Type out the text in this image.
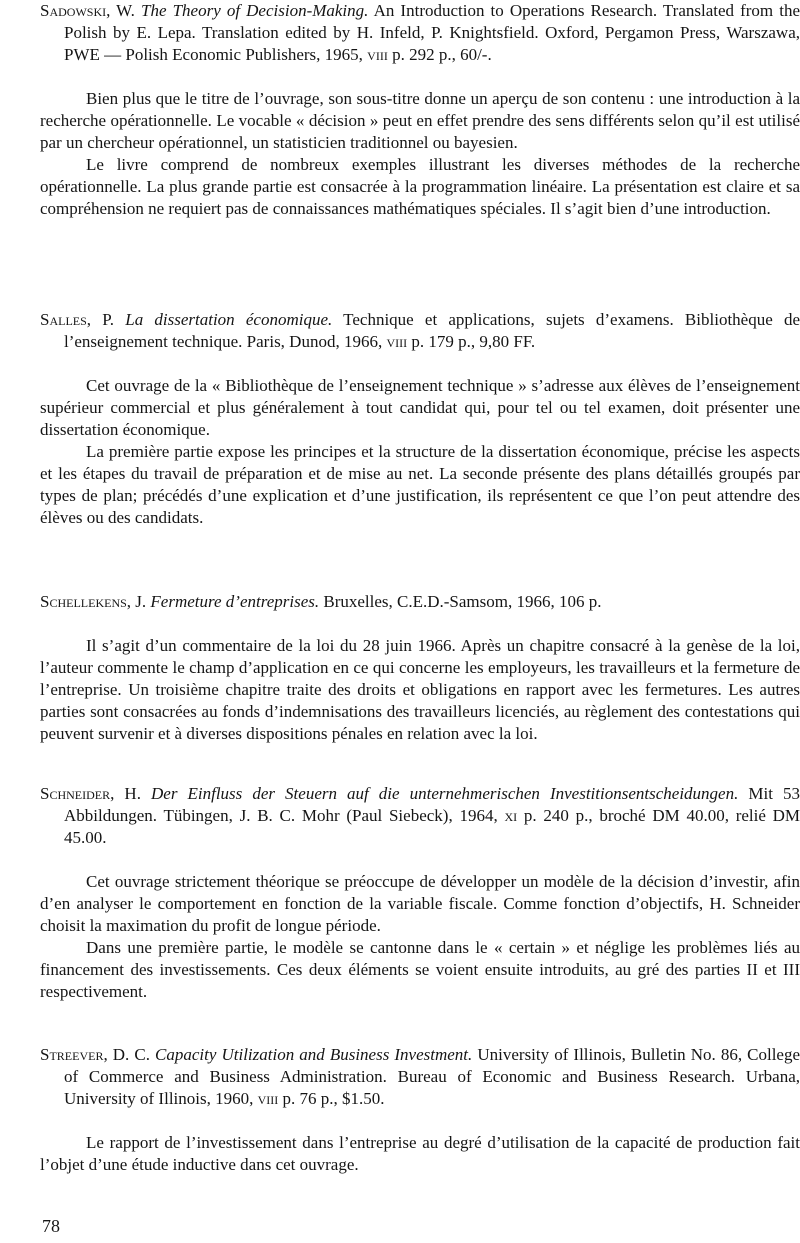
Sadowski, W. The Theory of Decision-Making. An Introduction to Operations Research. Translated from the Polish by E. Lepa. Translation edited by H. Infeld, P. Knightsfield. Oxford, Pergamon Press, Warszawa, PWE — Polish Economic Publishers, 1965, viii p. 292 p., 60/-.

Bien plus que le titre de l’ouvrage, son sous-titre donne un aperçu de son contenu : une introduction à la recherche opérationnelle. Le vocable « décision » peut en effet prendre des sens différents selon qu’il est utilisé par un chercheur opérationnel, un statisticien traditionnel ou bayesien.

Le livre comprend de nombreux exemples illustrant les diverses méthodes de la recherche opérationnelle. La plus grande partie est consacrée à la programmation linéaire. La présentation est claire et sa compréhension ne requiert pas de connaissances mathématiques spéciales. Il s’agit bien d’une introduction.

Salles, P. La dissertation économique. Technique et applications, sujets d’examens. Bibliothèque de l’enseignement technique. Paris, Dunod, 1966, viii p. 179 p., 9,80 FF.

Cet ouvrage de la « Bibliothèque de l’enseignement technique » s’adresse aux élèves de l’enseignement supérieur commercial et plus généralement à tout candidat qui, pour tel ou tel examen, doit présenter une dissertation économique.

La première partie expose les principes et la structure de la dissertation économique, précise les aspects et les étapes du travail de préparation et de mise au net. La seconde présente des plans détaillés groupés par types de plan; précédés d’une explication et d’une justification, ils représentent ce que l’on peut attendre des élèves ou des candidats.

Schellekens, J. Fermeture d’entreprises. Bruxelles, C.E.D.-Samsom, 1966, 106 p.

Il s’agit d’un commentaire de la loi du 28 juin 1966. Après un chapitre consacré à la genèse de la loi, l’auteur commente le champ d’application en ce qui concerne les employeurs, les travailleurs et la fermeture de l’entreprise. Un troisième chapitre traite des droits et obligations en rapport avec les fermetures. Les autres parties sont consacrées au fonds d’indemnisations des travailleurs licenciés, au règlement des contestations qui peuvent survenir et à diverses dispositions pénales en relation avec la loi.

Schneider, H. Der Einfluss der Steuern auf die unternehmerischen Investitionsentscheidungen. Mit 53 Abbildungen. Tübingen, J. B. C. Mohr (Paul Siebeck), 1964, xi p. 240 p., broché DM 40.00, relié DM 45.00.

Cet ouvrage strictement théorique se préoccupe de développer un modèle de la décision d’investir, afin d’en analyser le comportement en fonction de la variable fiscale. Comme fonction d’objectifs, H. Schneider choisit la maximation du profit de longue période.

Dans une première partie, le modèle se cantonne dans le « certain » et néglige les problèmes liés au financement des investissements. Ces deux éléments se voient ensuite introduits, au gré des parties II et III respectivement.

Streever, D. C. Capacity Utilization and Business Investment. University of Illinois, Bulletin No. 86, College of Commerce and Business Administration. Bureau of Economic and Business Research. Urbana, University of Illinois, 1960, viii p. 76 p., $1.50.

Le rapport de l’investissement dans l’entreprise au degré d’utilisation de la capacité de production fait l’objet d’une étude inductive dans cet ouvrage.

78
